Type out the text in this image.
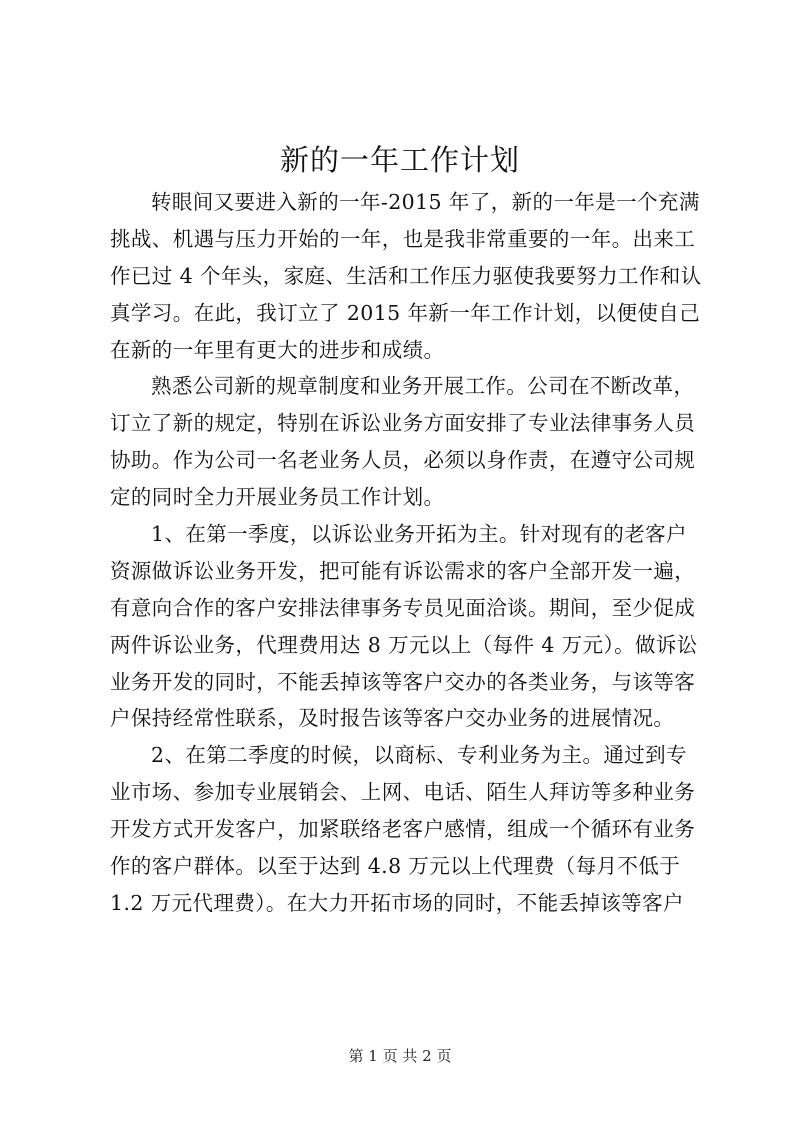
新的一年工作计划
转眼间又要进入新的一年-2015 年了，新的一年是一个充满
挑战、机遇与压力开始的一年，也是我非常重要的一年。出来工
作已过 4 个年头，家庭、生活和工作压力驱使我要努力工作和认
真学习。在此，我订立了 2015 年新一年工作计划，以便使自己
在新的一年里有更大的进步和成绩。
熟悉公司新的规章制度和业务开展工作。公司在不断改革，
订立了新的规定，特别在诉讼业务方面安排了专业法律事务人员
协助。作为公司一名老业务人员，必须以身作责，在遵守公司规
定的同时全力开展业务员工作计划。
1、在第一季度，以诉讼业务开拓为主。针对现有的老客户
资源做诉讼业务开发，把可能有诉讼需求的客户全部开发一遍，
有意向合作的客户安排法律事务专员见面洽谈。期间，至少促成
两件诉讼业务，代理费用达 8 万元以上（每件 4 万元）。做诉讼
业务开发的同时，不能丢掉该等客户交办的各类业务，与该等客
户保持经常性联系，及时报告该等客户交办业务的进展情况。
2、在第二季度的时候，以商标、专利业务为主。通过到专
业市场、参加专业展销会、上网、电话、陌生人拜访等多种业务
开发方式开发客户，加紧联络老客户感情，组成一个循环有业务
作的客户群体。以至于达到 4.8 万元以上代理费（每月不低于
1.2 万元代理费）。在大力开拓市场的同时，不能丢掉该等客户
第 1 页 共 2 页
